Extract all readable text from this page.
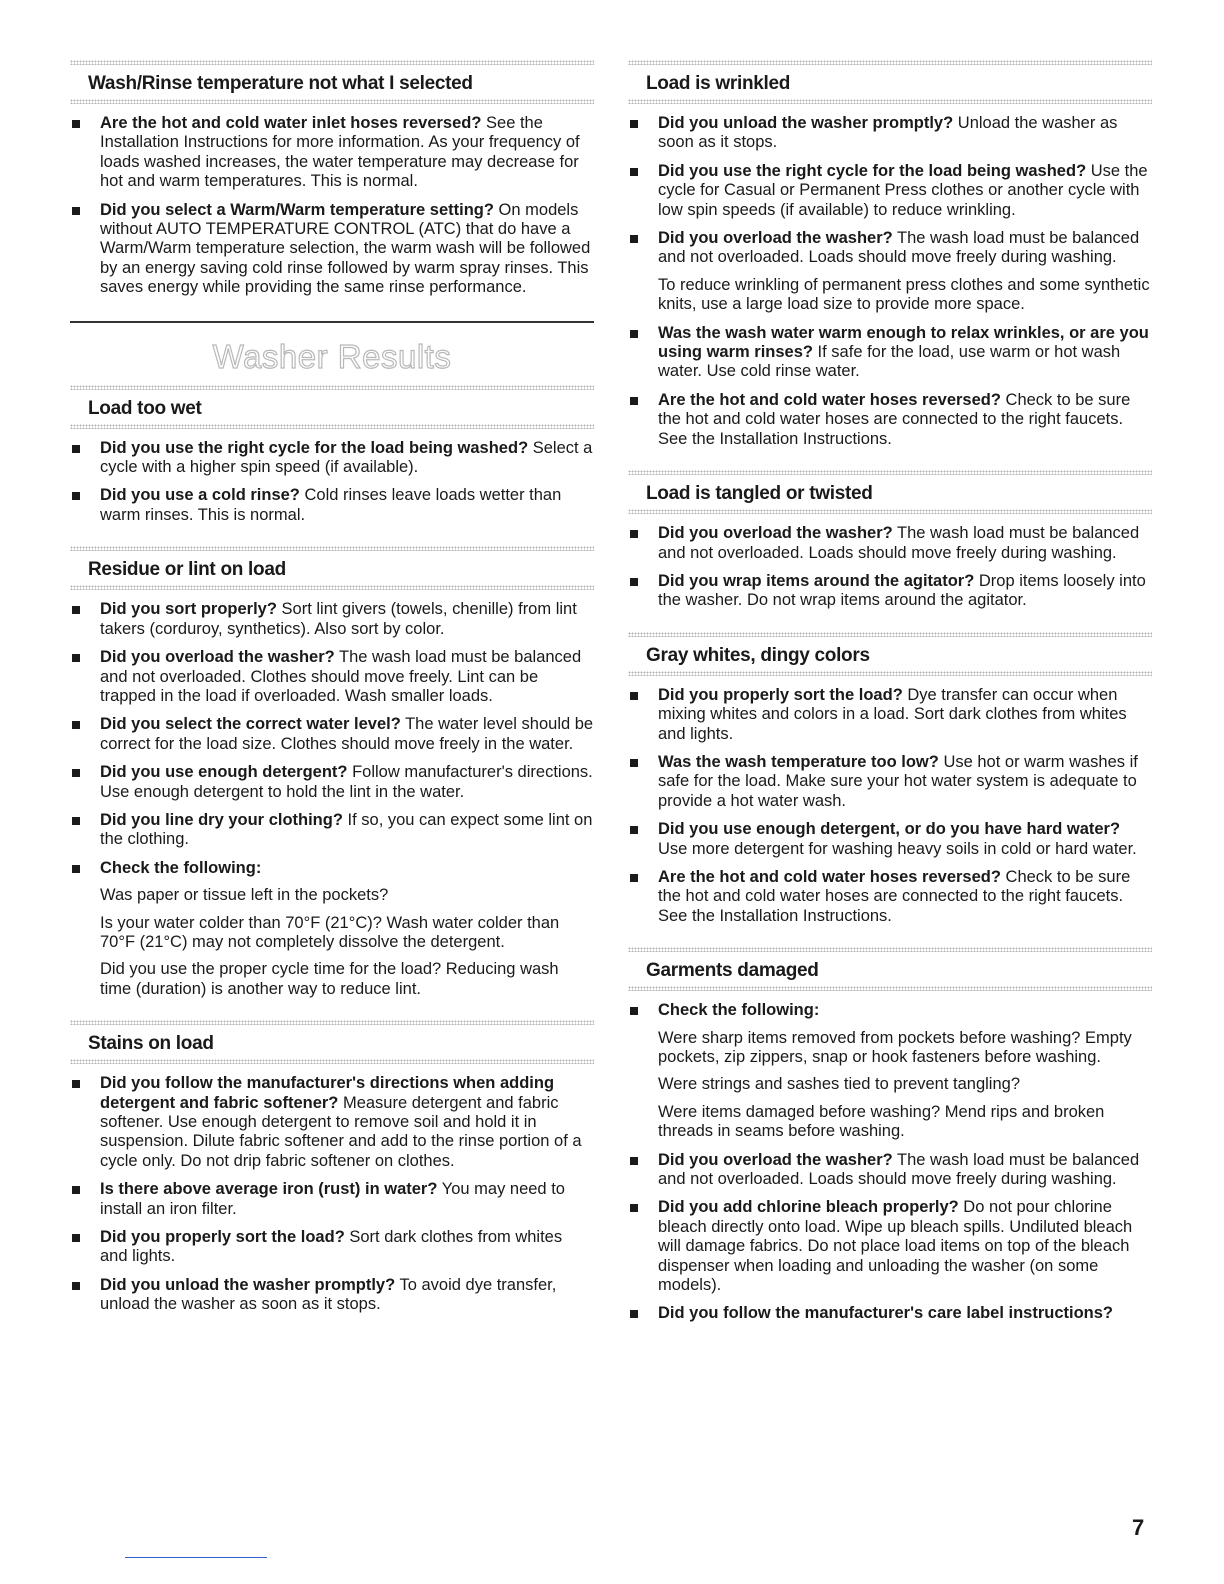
Wash/Rinse temperature not what I selected
Are the hot and cold water inlet hoses reversed? See the Installation Instructions for more information. As your frequency of loads washed increases, the water temperature may decrease for hot and warm temperatures. This is normal.
Did you select a Warm/Warm temperature setting? On models without AUTO TEMPERATURE CONTROL (ATC) that do have a Warm/Warm temperature selection, the warm wash will be followed by an energy saving cold rinse followed by warm spray rinses. This saves energy while providing the same rinse performance.
Washer Results
Load too wet
Did you use the right cycle for the load being washed? Select a cycle with a higher spin speed (if available).
Did you use a cold rinse? Cold rinses leave loads wetter than warm rinses. This is normal.
Residue or lint on load
Did you sort properly? Sort lint givers (towels, chenille) from lint takers (corduroy, synthetics). Also sort by color.
Did you overload the washer? The wash load must be balanced and not overloaded. Clothes should move freely. Lint can be trapped in the load if overloaded. Wash smaller loads.
Did you select the correct water level? The water level should be correct for the load size. Clothes should move freely in the water.
Did you use enough detergent? Follow manufacturer's directions. Use enough detergent to hold the lint in the water.
Did you line dry your clothing? If so, you can expect some lint on the clothing.
Check the following:

Was paper or tissue left in the pockets?

Is your water colder than 70°F (21°C)? Wash water colder than 70°F (21°C) may not completely dissolve the detergent.

Did you use the proper cycle time for the load? Reducing wash time (duration) is another way to reduce lint.

Stains on load
Did you follow the manufacturer's directions when adding detergent and fabric softener? Measure detergent and fabric softener. Use enough detergent to remove soil and hold it in suspension. Dilute fabric softener and add to the rinse portion of a cycle only. Do not drip fabric softener on clothes.
Is there above average iron (rust) in water? You may need to install an iron filter.
Did you properly sort the load? Sort dark clothes from whites and lights.
Did you unload the washer promptly? To avoid dye transfer, unload the washer as soon as it stops.
Load is wrinkled
Did you unload the washer promptly? Unload the washer as soon as it stops.
Did you use the right cycle for the load being washed? Use the cycle for Casual or Permanent Press clothes or another cycle with low spin speeds (if available) to reduce wrinkling.
Did you overload the washer? The wash load must be balanced and not overloaded. Loads should move freely during washing.

To reduce wrinkling of permanent press clothes and some synthetic knits, use a large load size to provide more space.

Was the wash water warm enough to relax wrinkles, or are you using warm rinses? If safe for the load, use warm or hot wash water. Use cold rinse water.
Are the hot and cold water hoses reversed? Check to be sure the hot and cold water hoses are connected to the right faucets. See the Installation Instructions.
Load is tangled or twisted
Did you overload the washer? The wash load must be balanced and not overloaded. Loads should move freely during washing.
Did you wrap items around the agitator? Drop items loosely into the washer. Do not wrap items around the agitator.
Gray whites, dingy colors
Did you properly sort the load? Dye transfer can occur when mixing whites and colors in a load. Sort dark clothes from whites and lights.
Was the wash temperature too low? Use hot or warm washes if safe for the load. Make sure your hot water system is adequate to provide a hot water wash.
Did you use enough detergent, or do you have hard water? Use more detergent for washing heavy soils in cold or hard water.
Are the hot and cold water hoses reversed? Check to be sure the hot and cold water hoses are connected to the right faucets. See the Installation Instructions.
Garments damaged
Check the following:

Were sharp items removed from pockets before washing? Empty pockets, zip zippers, snap or hook fasteners before washing.

Were strings and sashes tied to prevent tangling?

Were items damaged before washing? Mend rips and broken threads in seams before washing.

Did you overload the washer? The wash load must be balanced and not overloaded. Loads should move freely during washing.
Did you add chlorine bleach properly? Do not pour chlorine bleach directly onto load. Wipe up bleach spills. Undiluted bleach will damage fabrics. Do not place load items on top of the bleach dispenser when loading and unloading the washer (on some models).
Did you follow the manufacturer's care label instructions?
7
